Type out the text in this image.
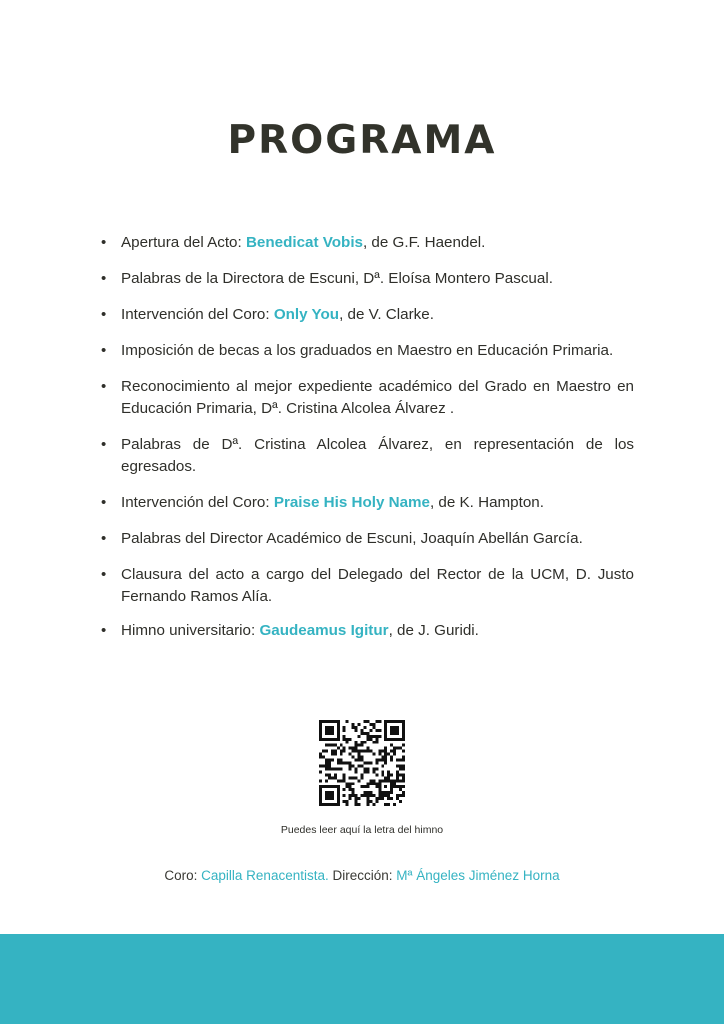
PROGRAMA
• Apertura del Acto: Benedicat Vobis, de G.F. Haendel.
• Palabras de la Directora de Escuni, Dª. Eloísa Montero Pascual.
• Intervención del Coro: Only You, de V. Clarke.
• Imposición de becas a los graduados en Maestro en Educación Primaria.
• Reconocimiento al mejor expediente académico del Grado en Maestro en Educación Primaria, Dª. Cristina Alcolea Álvarez .
• Palabras de Dª. Cristina Alcolea Álvarez, en representación de los egresados.
• Intervención del Coro: Praise His Holy Name, de K. Hampton.
• Palabras del Director Académico de Escuni, Joaquín Abellán García.
• Clausura del acto a cargo del Delegado del Rector de la UCM, D. Justo Fernando Ramos Alía.
• Himno universitario: Gaudeamus Igitur, de J. Guridi.
Puedes leer aquí la letra del himno
Coro: Capilla Renacentista. Dirección: Mª Ángeles Jiménez Horna
